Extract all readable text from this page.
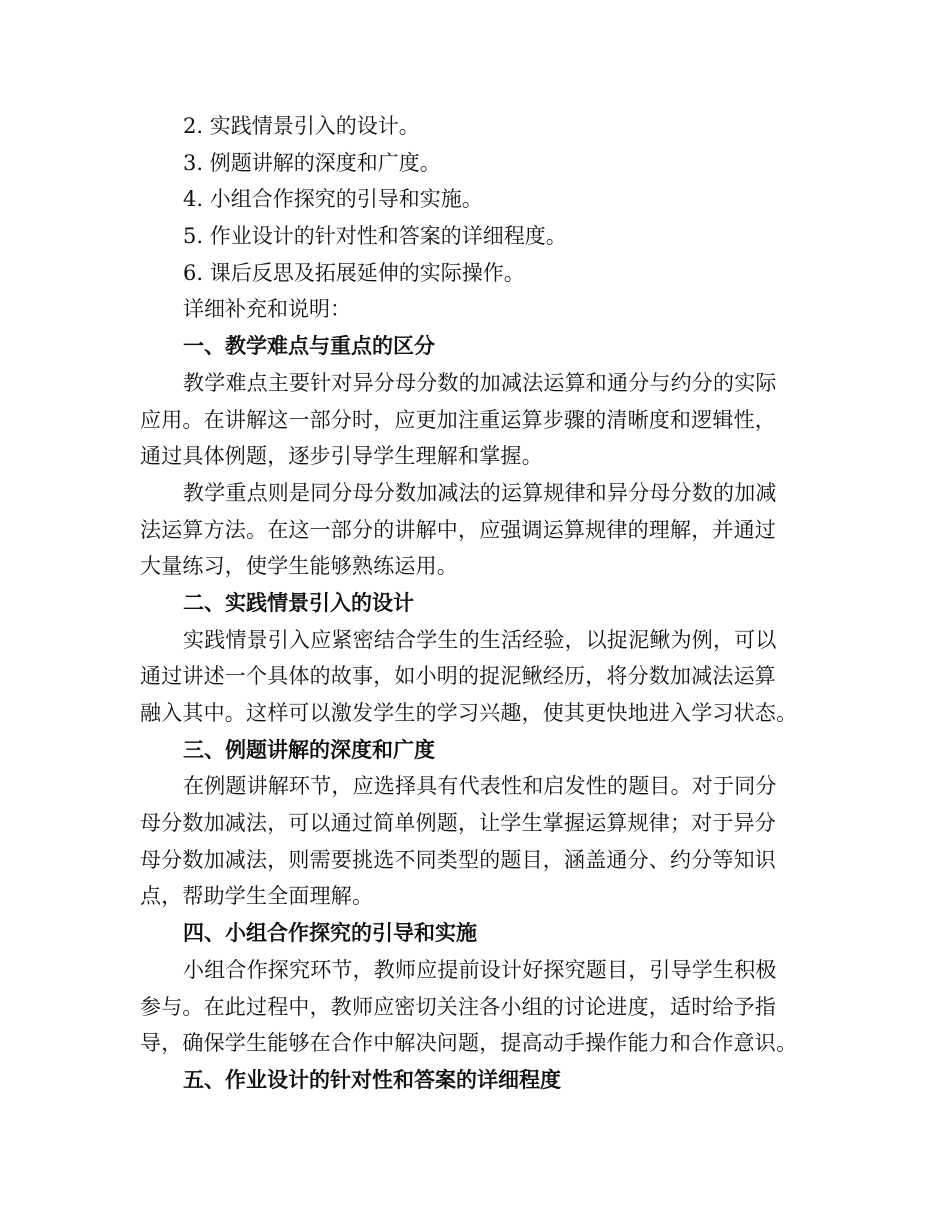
2. 实践情景引入的设计。
3. 例题讲解的深度和广度。
4. 小组合作探究的引导和实施。
5. 作业设计的针对性和答案的详细程度。
6. 课后反思及拓展延伸的实际操作。
详细补充和说明：
一、教学难点与重点的区分
教学难点主要针对异分母分数的加减法运算和通分与约分的实际
应用。在讲解这一部分时，应更加注重运算步骤的清晰度和逻辑性，
通过具体例题，逐步引导学生理解和掌握。
教学重点则是同分母分数加减法的运算规律和异分母分数的加减
法运算方法。在这一部分的讲解中，应强调运算规律的理解，并通过
大量练习，使学生能够熟练运用。
二、实践情景引入的设计
实践情景引入应紧密结合学生的生活经验，以捉泥鳅为例，可以
通过讲述一个具体的故事，如小明的捉泥鳅经历，将分数加减法运算
融入其中。这样可以激发学生的学习兴趣，使其更快地进入学习状态。
三、例题讲解的深度和广度
在例题讲解环节，应选择具有代表性和启发性的题目。对于同分
母分数加减法，可以通过简单例题，让学生掌握运算规律；对于异分
母分数加减法，则需要挑选不同类型的题目，涵盖通分、约分等知识
点，帮助学生全面理解。
四、小组合作探究的引导和实施
小组合作探究环节，教师应提前设计好探究题目，引导学生积极
参与。在此过程中，教师应密切关注各小组的讨论进度，适时给予指
导，确保学生能够在合作中解决问题，提高动手操作能力和合作意识。
五、作业设计的针对性和答案的详细程度
